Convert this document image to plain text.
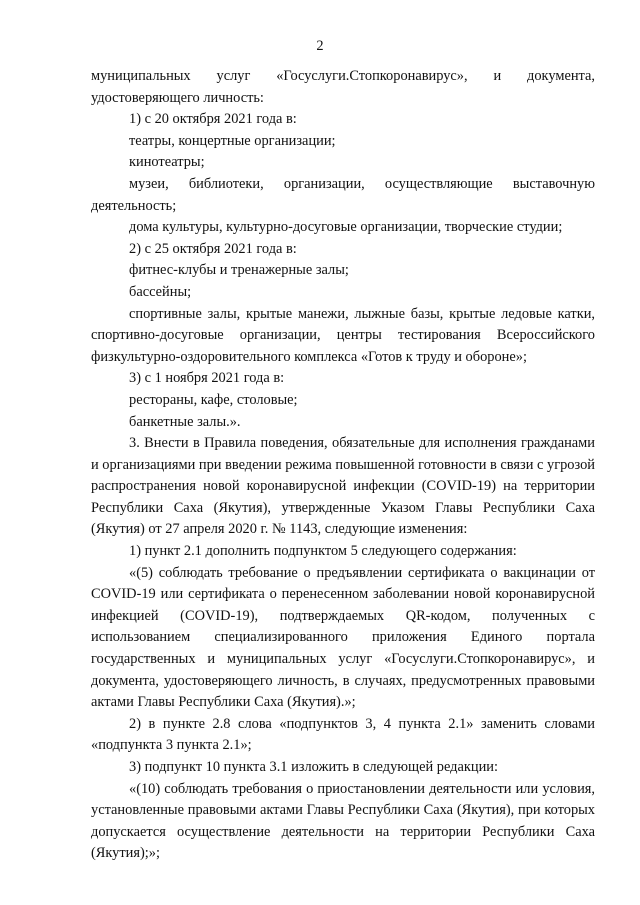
2

муниципальных услуг «Госуслуги.Стопкоронавирус», и документа, удостоверяющего личность:

1) с 20 октября 2021 года в:

театры, концертные организации;

кинотеатры;

музеи, библиотеки, организации, осуществляющие выставочную деятельность;

дома культуры, культурно-досуговые организации, творческие студии;

2) с 25 октября 2021 года в:

фитнес-клубы и тренажерные залы;

бассейны;

спортивные залы, крытые манежи, лыжные базы, крытые ледовые катки, спортивно-досуговые организации, центры тестирования Всероссийского физкультурно-оздоровительного комплекса «Готов к труду и обороне»;

3) с 1 ноября 2021 года в:

рестораны, кафе, столовые;

банкетные залы.».

3. Внести в Правила поведения, обязательные для исполнения гражданами и организациями при введении режима повышенной готовности в связи с угрозой распространения новой коронавирусной инфекции (COVID-19) на территории Республики Саха (Якутия), утвержденные Указом Главы Республики Саха (Якутия) от 27 апреля 2020 г. № 1143, следующие изменения:

1) пункт 2.1 дополнить подпунктом 5 следующего содержания:

«(5) соблюдать требование о предъявлении сертификата о вакцинации от COVID-19 или сертификата о перенесенном заболевании новой коронавирусной инфекцией (COVID-19), подтверждаемых QR-кодом, полученных с использованием специализированного приложения Единого портала государственных и муниципальных услуг «Госуслуги.Стопкоронавирус», и документа, удостоверяющего личность, в случаях, предусмотренных правовыми актами Главы Республики Саха (Якутия).»;

2) в пункте 2.8 слова «подпунктов 3, 4 пункта 2.1» заменить словами «подпункта 3 пункта 2.1»;

3) подпункт 10 пункта 3.1 изложить в следующей редакции:

«(10) соблюдать требования о приостановлении деятельности или условия, установленные правовыми актами Главы Республики Саха (Якутия), при которых допускается осуществление деятельности на территории Республики Саха (Якутия);»;
